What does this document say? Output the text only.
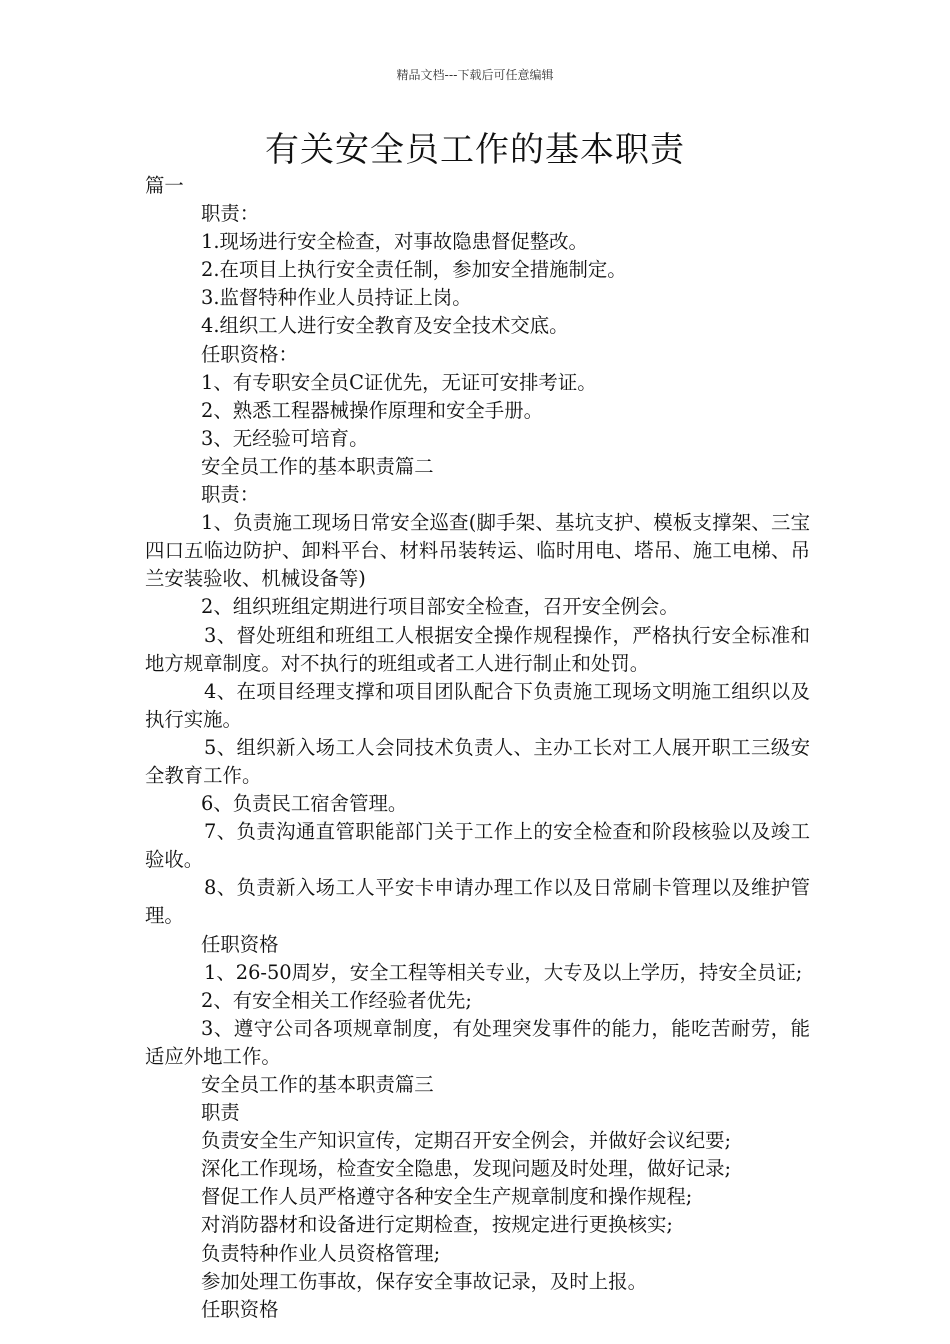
精品文档---下载后可任意编辑
有关安全员工作的基本职责

篇一

职责：

1.现场进行安全检查，对事故隐患督促整改。

2.在项目上执行安全责任制，参加安全措施制定。

3.监督特种作业人员持证上岗。

4.组织工人进行安全教育及安全技术交底。

任职资格：

1、有专职安全员C证优先，无证可安排考证。

2、熟悉工程器械操作原理和安全手册。

3、无经验可培育。

安全员工作的基本职责篇二

职责：

1、负责施工现场日常安全巡查(脚手架、基坑支护、模板支撑架、三宝四口五临边防护、卸料平台、材料吊装转运、临时用电、塔吊、施工电梯、吊兰安装验收、机械设备等)

2、组织班组定期进行项目部安全检查，召开安全例会。

3、督处班组和班组工人根据安全操作规程操作，严格执行安全标准和地方规章制度。对不执行的班组或者工人进行制止和处罚。

4、在项目经理支撑和项目团队配合下负责施工现场文明施工组织以及执行实施。

5、组织新入场工人会同技术负责人、主办工长对工人展开职工三级安全教育工作。

6、负责民工宿舍管理。

7、负责沟通直管职能部门关于工作上的安全检查和阶段核验以及竣工验收。

8、负责新入场工人平安卡申请办理工作以及日常刷卡管理以及维护管理。

任职资格

1、26-50周岁，安全工程等相关专业，大专及以上学历，持安全员证;

2、有安全相关工作经验者优先;

3、遵守公司各项规章制度，有处理突发事件的能力，能吃苦耐劳，能适应外地工作。

安全员工作的基本职责篇三

职责

负责安全生产知识宣传，定期召开安全例会，并做好会议纪要;

深化工作现场，检查安全隐患，发现问题及时处理，做好记录;

督促工作人员严格遵守各种安全生产规章制度和操作规程;

对消防器材和设备进行定期检查，按规定进行更换核实;

负责特种作业人员资格管理;

参加处理工伤事故，保存安全事故记录，及时上报。

任职资格
